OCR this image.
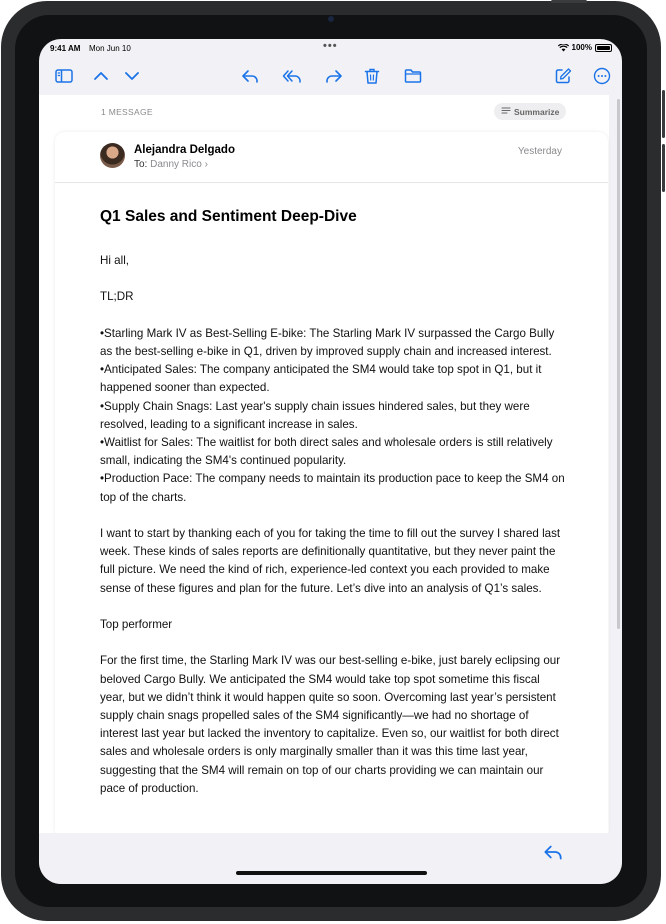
9:41 AM Mon Jun 10	•••	100%
1 MESSAGE	Summarize
Alejandra Delgado
To: Danny Rico ›
Yesterday
Q1 Sales and Sentiment Deep-Dive

Hi all,

TL;DR

•Starling Mark IV as Best-Selling E-bike: The Starling Mark IV surpassed the Cargo Bully as the best-selling e-bike in Q1, driven by improved supply chain and increased interest.

•Anticipated Sales: The company anticipated the SM4 would take top spot in Q1, but it happened sooner than expected.

•Supply Chain Snags: Last year's supply chain issues hindered sales, but they were resolved, leading to a significant increase in sales.

•Waitlist for Sales: The waitlist for both direct sales and wholesale orders is still relatively small, indicating the SM4's continued popularity.

•Production Pace: The company needs to maintain its production pace to keep the SM4 on top of the charts.

I want to start by thanking each of you for taking the time to fill out the survey I shared last week. These kinds of sales reports are definitionally quantitative, but they never paint the full picture. We need the kind of rich, experience-led context you each provided to make sense of these figures and plan for the future. Let’s dive into an analysis of Q1’s sales.

Top performer

For the first time, the Starling Mark IV was our best-selling e-bike, just barely eclipsing our beloved Cargo Bully. We anticipated the SM4 would take top spot sometime this fiscal year, but we didn’t think it would happen quite so soon. Overcoming last year’s persistent supply chain snags propelled sales of the SM4 significantly—we had no shortage of interest last year but lacked the inventory to capitalize. Even so, our waitlist for both direct sales and wholesale orders is only marginally smaller than it was this time last year, suggesting that the SM4 will remain on top of our charts providing we can maintain our pace of production.
